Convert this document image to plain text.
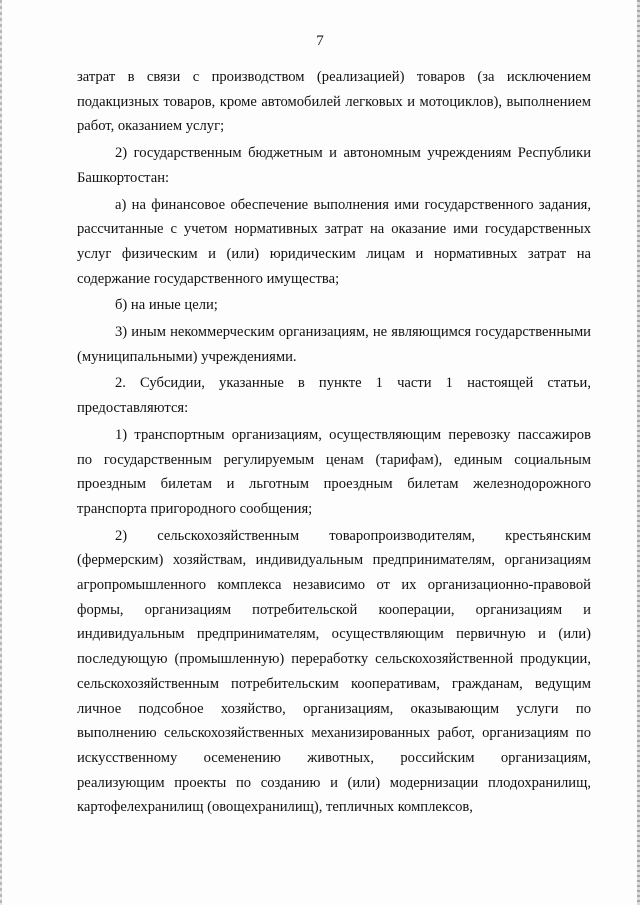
7

затрат в связи с производством (реализацией) товаров (за исключением подакцизных товаров, кроме автомобилей легковых и мотоциклов), выполнением работ, оказанием услуг;

2) государственным бюджетным и автономным учреждениям Республики Башкортостан:

а) на финансовое обеспечение выполнения ими государственного задания, рассчитанные с учетом нормативных затрат на оказание ими государственных услуг физическим и (или) юридическим лицам и нормативных затрат на содержание государственного имущества;

б) на иные цели;

3) иным некоммерческим организациям, не являющимся государственными (муниципальными) учреждениями.

2. Субсидии, указанные в пункте 1 части 1 настоящей статьи, предоставляются:

1) транспортным организациям, осуществляющим перевозку пассажиров по государственным регулируемым ценам (тарифам), единым социальным проездным билетам и льготным проездным билетам железнодорожного транспорта пригородного сообщения;

2) сельскохозяйственным товаропроизводителям, крестьянским (фермерским) хозяйствам, индивидуальным предпринимателям, организациям агропромышленного комплекса независимо от их организационно-правовой формы, организациям потребительской кооперации, организациям и индивидуальным предпринимателям, осуществляющим первичную и (или) последующую (промышленную) переработку сельскохозяйственной продукции, сельскохозяйственным потребительским кооперативам, гражданам, ведущим личное подсобное хозяйство, организациям, оказывающим услуги по выполнению сельскохозяйственных механизированных работ, организациям по искусственному осеменению животных, российским организациям, реализующим проекты по созданию и (или) модернизации плодохранилищ, картофелехранилищ (овощехранилищ), тепличных комплексов,
